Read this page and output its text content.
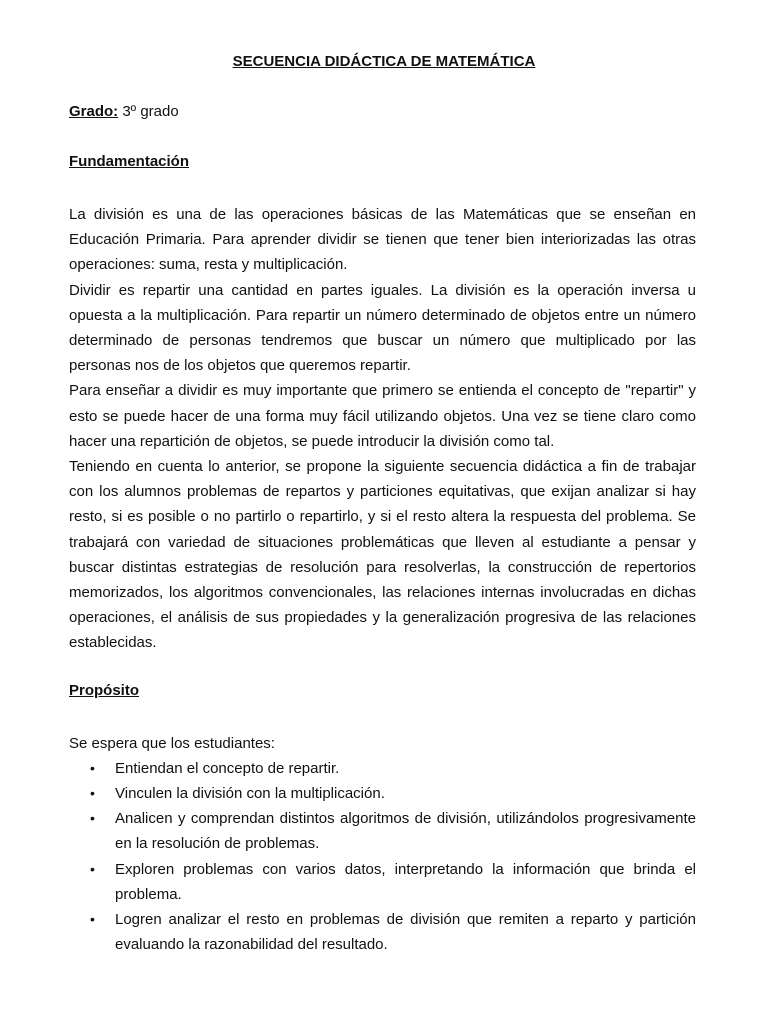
SECUENCIA DIDÁCTICA DE MATEMÁTICA
Grado: 3º grado
Fundamentación

La división es una de las operaciones básicas de las Matemáticas que se enseñan en Educación Primaria. Para aprender dividir se tienen que tener bien interiorizadas las otras operaciones: suma, resta y multiplicación.

Dividir es repartir una cantidad en partes iguales. La división es la operación inversa u opuesta a la multiplicación. Para repartir un número determinado de objetos entre un número determinado de personas tendremos que buscar un número que multiplicado por las personas nos de los objetos que queremos repartir.

Para enseñar a dividir es muy importante que primero se entienda el concepto de "repartir" y esto se puede hacer de una forma muy fácil utilizando objetos. Una vez se tiene claro como hacer una repartición de objetos, se puede introducir la división como tal.

Teniendo en cuenta lo anterior, se propone la siguiente secuencia didáctica a fin de trabajar con los alumnos problemas de repartos y particiones equitativas, que exijan analizar si hay resto, si es posible o no partirlo o repartirlo, y si el resto altera la respuesta del problema. Se trabajará con variedad de situaciones problemáticas que lleven al estudiante a pensar y buscar distintas estrategias de resolución para resolverlas, la construcción de repertorios memorizados, los algoritmos convencionales, las relaciones internas involucradas en dichas operaciones, el análisis de sus propiedades y la generalización progresiva de las relaciones establecidas.

Propósito

Se espera que los estudiantes:

• Entiendan el concepto de repartir.
• Vinculen la división con la multiplicación.
• Analicen y comprendan distintos algoritmos de división, utilizándolos progresivamente en la resolución de problemas.
• Exploren problemas con varios datos, interpretando la información que brinda el problema.
• Logren analizar el resto en problemas de división que remiten a reparto y partición evaluando la razonabilidad del resultado.
